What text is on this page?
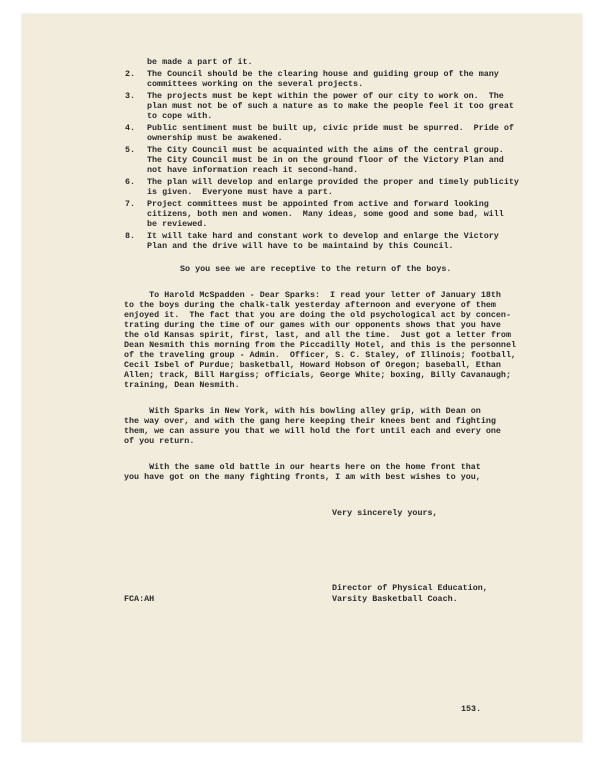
be made a part of it.
2. The Council should be the clearing house and guiding group of the many
committees working on the several projects.
3. The projects must be kept within the power of our city to work on.  The
plan must not be of such a nature as to make the people feel it too great
to cope with.
4. Public sentiment must be built up, civic pride must be spurred.  Pride of
ownership must be awakened.
5. The City Council must be acquainted with the aims of the central group.
The City Council must be in on the ground floor of the Victory Plan and
not have information reach it second-hand.
6. The plan will develop and enlarge provided the proper and timely publicity
is given.  Everyone must have a part.
7. Project committees must be appointed from active and forward looking
citizens, both men and women.  Many ideas, some good and some bad, will
be reviewed.
8. It will take hard and constant work to develop and enlarge the Victory
Plan and the drive will have to be maintaind by this Council.
So you see we are receptive to the return of the boys.
To Harold McSpadden - Dear Sparks:  I read your letter of January 18th
to the boys during the chalk-talk yesterday afternoon and everyone of them
enjoyed it.  The fact that you are doing the old psychological act by concen-
trating during the time of our games with our opponents shows that you have
the old Kansas spirit, first, last, and all the time.  Just got a letter from
Dean Nesmith this morning from the Piccadilly Hotel, and this is the personnel
of the traveling group - Admin.  Officer, S. C. Staley, of Illinois; football,
Cecil Isbel of Purdue; basketball, Howard Hobson of Oregon; baseball, Ethan
Allen; track, Bill Hargiss; officials, George White; boxing, Billy Cavanaugh;
training, Dean Nesmith.
With Sparks in New York, with his bowling alley grip, with Dean on
the way over, and with the gang here keeping their knees bent and fighting
them, we can assure you that we will hold the fort until each and every one
of you return.
With the same old battle in our hearts here on the home front that
you have got on the many fighting fronts, I am with best wishes to you,
Very sincerely yours,
FCA:AH
Director of Physical Education,
Varsity Basketball Coach.
153.
